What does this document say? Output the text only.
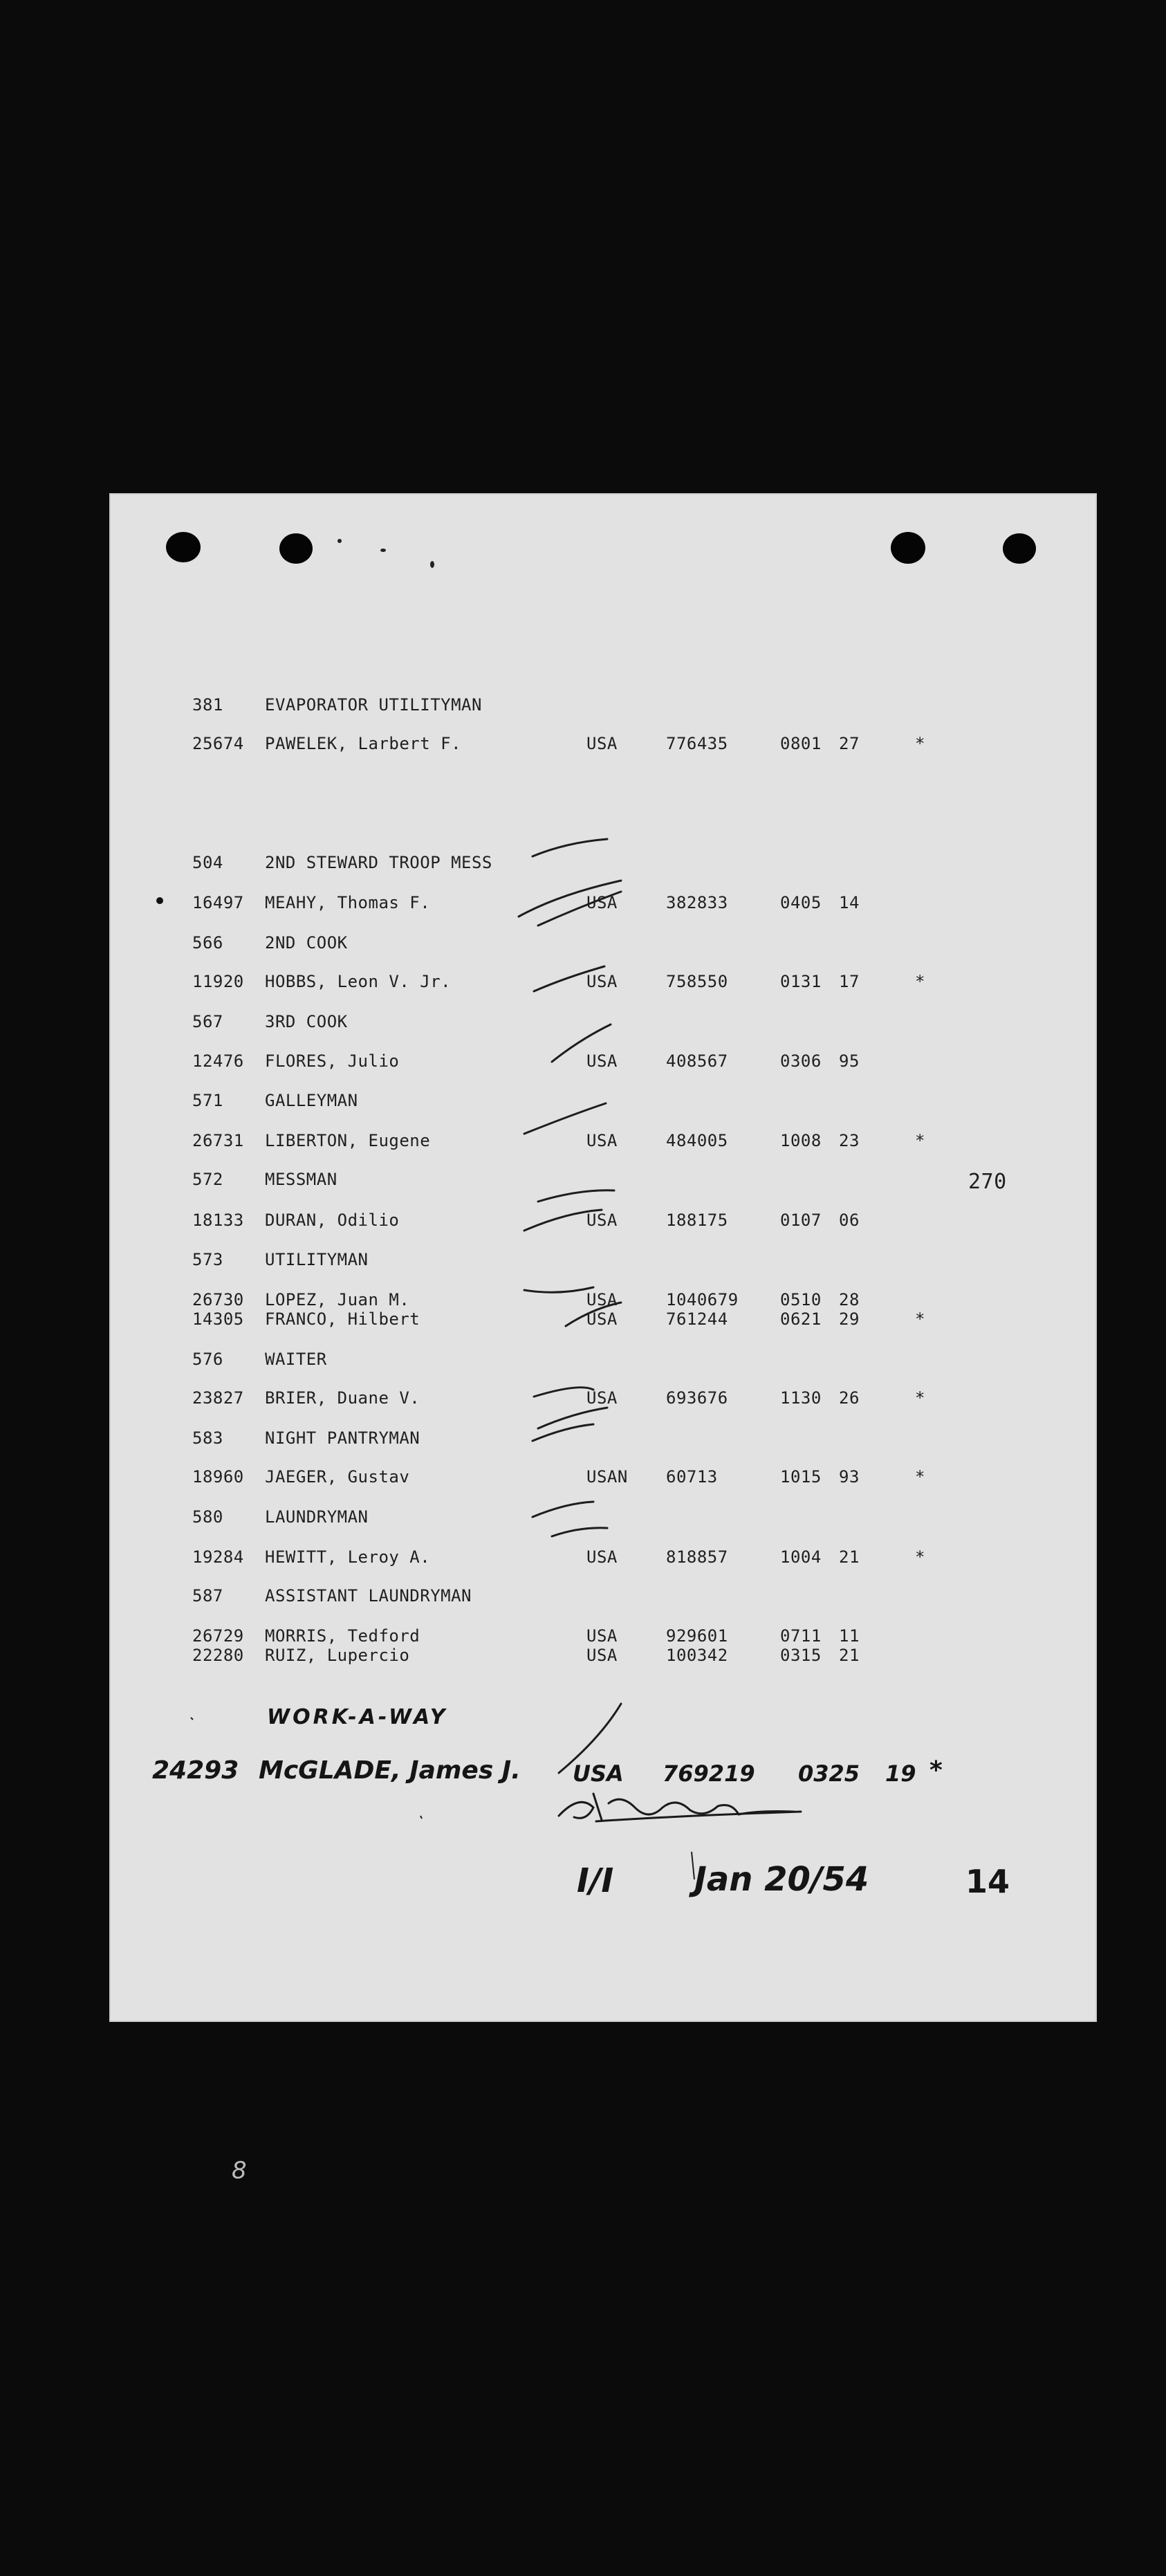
381	EVAPORATOR UTILITYMAN
25674 PAWELEK, Larbert F.	USA	776435	0801 27	*
504	2ND STEWARD TROOP MESS
16497 MEAHY, Thomas F.	USA	382833	0405 14
566	2ND COOK
11920 HOBBS, Leon V. Jr.	USA	758550	0131 17	*
567	3RD COOK
12476 FLORES, Julio	USA	408567	0306 95
571	GALLEYMAN
26731 LIBERTON, Eugene	USA	484005	1008 23	*
572	MESSMAN
18133 DURAN, Odilio	USA	188175	0107 06
573	UTILITYMAN
26730 LOPEZ, Juan M.	USA	1040679	0510 28
14305 FRANCO, Hilbert	USA	761244	0621 29	*
576	WAITER
23827 BRIER, Duane V.	USA	693676	1130 26	*
583	NIGHT PANTRYMAN
18960 JAEGER, Gustav	USAN 60713	1015 93	*
580	LAUNDRYMAN
19284 HEWITT, Leroy A.	USA	818857	1004 21	*
587	ASSISTANT LAUNDRYMAN
26729 MORRIS, Tedford	USA	929601	0711 11
22280 RUIZ, Lupercio	USA	100342	0315 21
270
WORK-A-WAY
24293 McGLADE, James J. USA 769219 0325 19 *
I/I Jan 20/54	14
8
